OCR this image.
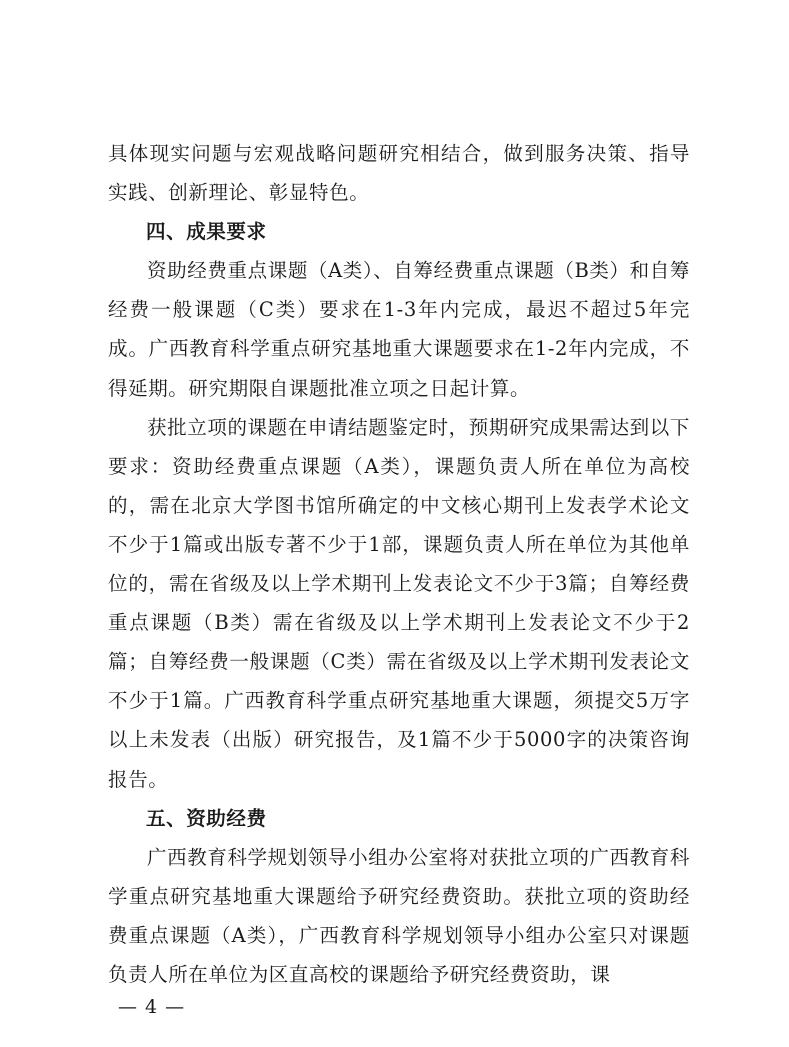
具体现实问题与宏观战略问题研究相结合，做到服务决策、指导实践、创新理论、彰显特色。

四、成果要求

资助经费重点课题（A类）、自筹经费重点课题（B类）和自筹经费一般课题（C类）要求在1-3年内完成，最迟不超过5年完成。广西教育科学重点研究基地重大课题要求在1-2年内完成，不得延期。研究期限自课题批准立项之日起计算。

获批立项的课题在申请结题鉴定时，预期研究成果需达到以下要求：资助经费重点课题（A类），课题负责人所在单位为高校的，需在北京大学图书馆所确定的中文核心期刊上发表学术论文不少于1篇或出版专著不少于1部，课题负责人所在单位为其他单位的，需在省级及以上学术期刊上发表论文不少于3篇；自筹经费重点课题（B类）需在省级及以上学术期刊上发表论文不少于2篇；自筹经费一般课题（C类）需在省级及以上学术期刊发表论文不少于1篇。广西教育科学重点研究基地重大课题，须提交5万字以上未发表（出版）研究报告，及1篇不少于5000字的决策咨询报告。

五、资助经费

广西教育科学规划领导小组办公室将对获批立项的广西教育科学重点研究基地重大课题给予研究经费资助。获批立项的资助经费重点课题（A类），广西教育科学规划领导小组办公室只对课题负责人所在单位为区直高校的课题给予研究经费资助，课

— 4 —
